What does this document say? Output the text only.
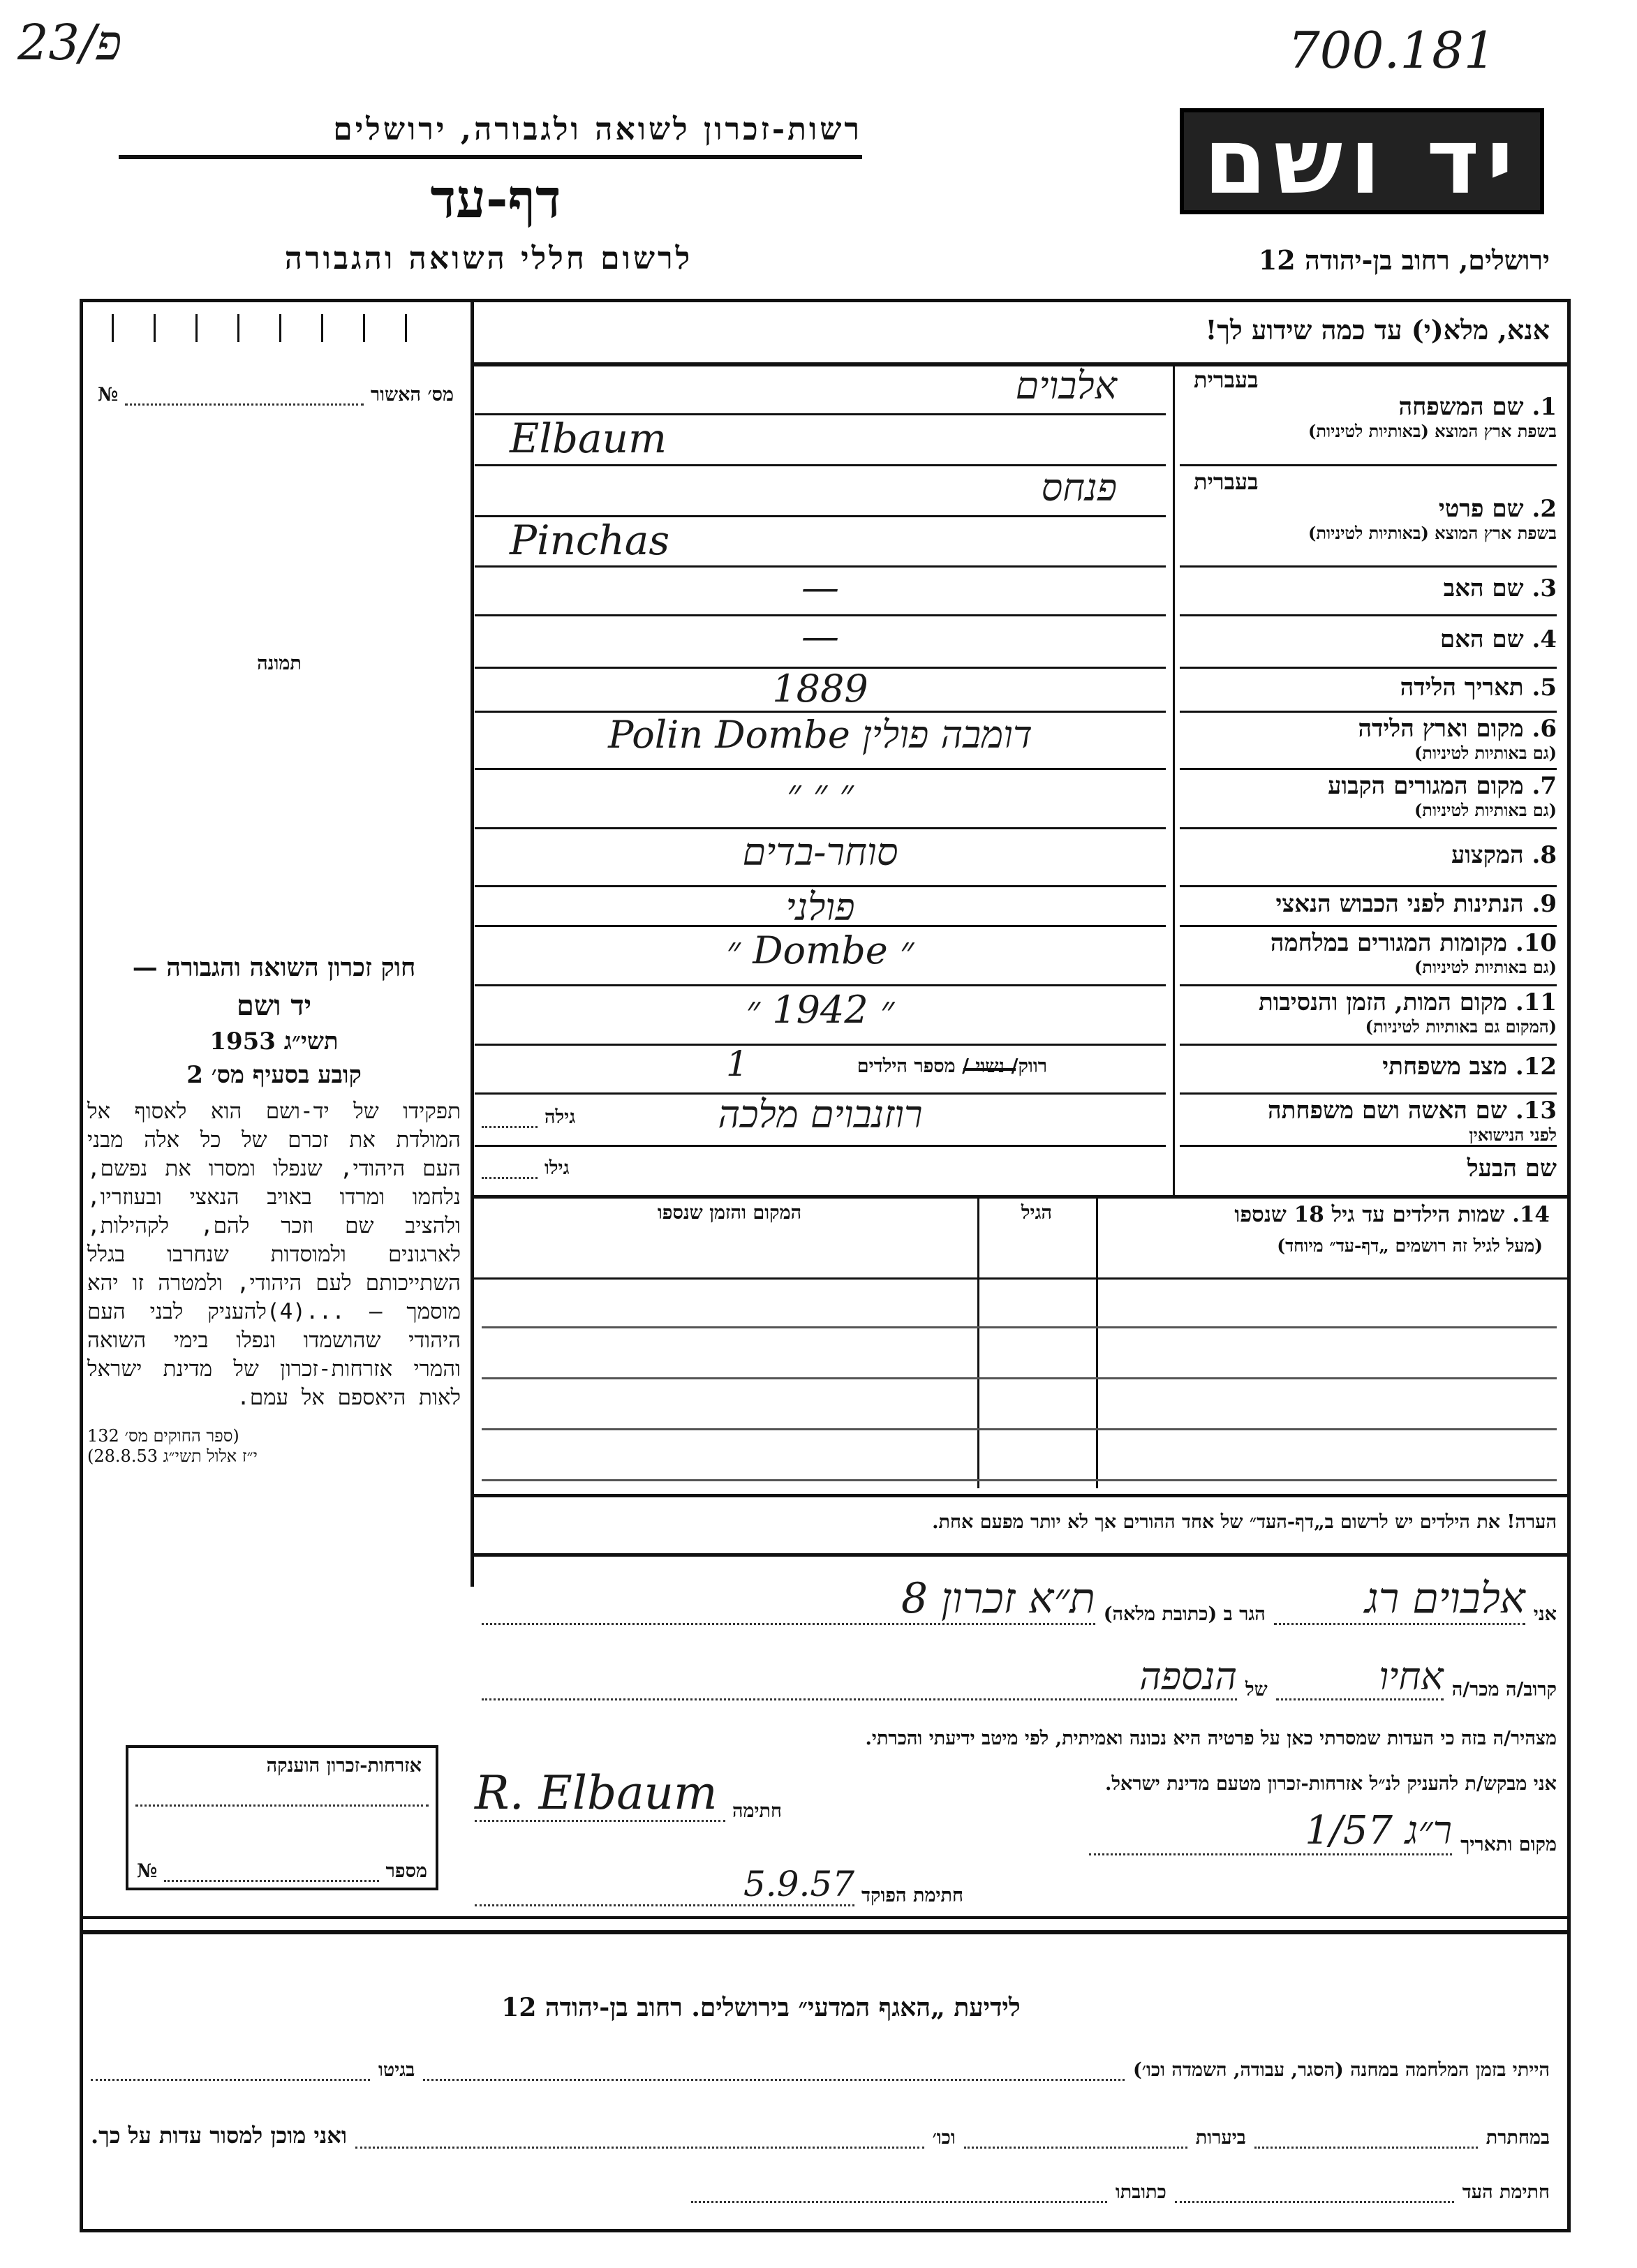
23/פ	700.181
רשות-זכרון לשואה ולגבורה, ירושלים
דף-עד
לרשום חללי השואה והגבורה
יד ושם
ירושלים, רחוב בן-יהודה 12
אנא, מלא(י) עד כמה שידוע לך!
מס׳ האשור
№
תמונה
חוק זכרון השואה והגבורה —
יד ושם
תשי״ג 1953
קובע בסעיף מס׳ 2
תפקידו של יד-ושם הוא לאסוף אל המולדת את זכרם של כל אלה מבני העם היהודי, שנפלו ומסרו את נפשם, נלחמו ומרדו באויב הנאצי ובעוזריו, ולהציב שם וזכר להם, לקהילות, לארגונים ולמוסדות שנחרבו בגלל השתייכותם לעם היהודי, ולמטרה זו יהא מוסמך — ...(4)להעניק לבני העם היהודי שהושמדו ונפלו בימי השואה והמרי אזרחות-זכרון של מדינת ישראל לאות היאספם אל עמם.
(ספר החוקים מס׳ 132
י״ז אלול תשי״ג 28.8.53)
בעברית
1. שם המשפחה
בשפת ארץ המוצא (באותיות לטיניות)
אלבוים
Elbaum
בעברית
2. שם פרטי
בשפת ארץ המוצא (באותיות לטיניות)
פנחס
Pinchas
3. שם האב
—
4. שם האם
—
5. תאריך הלידה
1889
6. מקום וארץ הלידה
(גם באותיות לטיניות)
דומבה פולין Polin Dombe
7. מקום המגורים הקבוע
(גם באותיות לטיניות)
״ ״ ״
8. המקצוע
סוחר-בדים
9. הנתינות לפני הכבוש הנאצי
פולני
10. מקומות המגורים במלחמה
(גם באותיות לטיניות)
״ Dombe ״
11. מקום המות, הזמן והנסיבות
(המקום גם באותיות לטיניות)
״ 1942 ״
12. מצב משפחתי
רווק/ נשוי / מספר הילדים
1
13. שם האשה ושם משפחתה
לפני הנישואין
רוזנבוים מלכה
גילה
שם הבעל
גילו
14. שמות הילדים עד גיל 18 שנספו
(מעל לגיל זה רושמים „דף-עד״ מיוחד)
הגיל
המקום והזמן שנספו
הערה! את הילדים יש לרשום ב„דף-העד״ של אחד ההורים אך לא יותר מפעם אחת.
אני
אלבוים רג
הגר ב (כתובת מלאה)
ת״א זכרון 8
קרוב/ה מכר/ה
אחיו
של
הנספה
מצהיר/ה בזה כי העדות שמסרתי כאן על פרטיה היא נכונה ואמיתית, לפי מיטב ידיעתי והכרתי.
אני מבקש/ת להעניק לנ״ל אזרחות-זכרון מטעם מדינת ישראל.
מקום ותאריך
ר״ג 1/57
חתימה
R. Elbaum
חתימת הפוקד
5.9.57
אזרחות-זכרון הוענקה
מספר
№
לידיעת „האגף המדעי״ בירושלים. רחוב בן-יהודה 12
הייתי בזמן המלחמה במחנה (הסגר, עבודה, השמדה וכו׳)
בגיטו
במחתרת
ביערות
וכו׳
ואני מוכן למסור עדות על כך.
חתימת העד
כתובתו
